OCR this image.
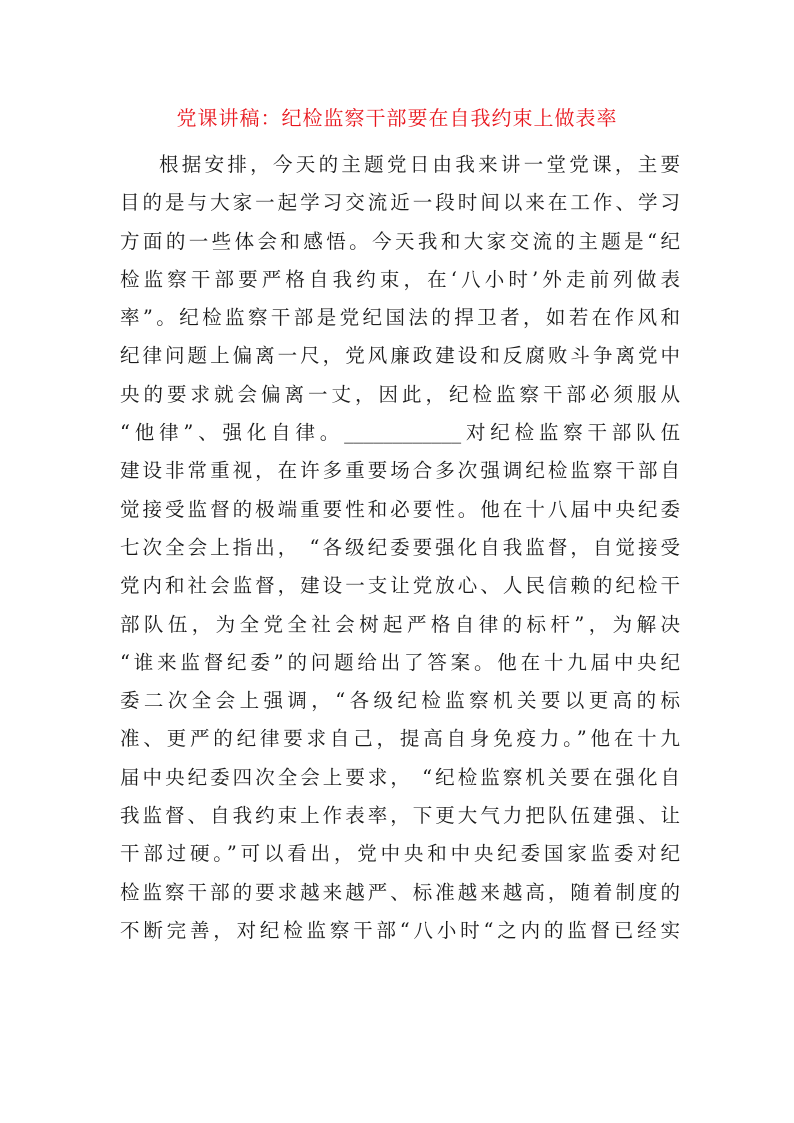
党课讲稿：纪检监察干部要在自我约束上做表率
根据安排，今天的主题党日由我来讲一堂党课，主要
目的是与大家一起学习交流近一段时间以来在工作、学习
方面的一些体会和感悟。今天我和大家交流的主题是“纪
检监察干部要严格自我约束，在‘八小时’外走前列做表
率”。纪检监察干部是党纪国法的捍卫者，如若在作风和
纪律问题上偏离一尺，党风廉政建设和反腐败斗争离党中
央的要求就会偏离一丈，因此，纪检监察干部必须服从
“他律”、强化自律。____________对纪检监察干部队伍
建设非常重视，在许多重要场合多次强调纪检监察干部自
觉接受监督的极端重要性和必要性。他在十八届中央纪委
七次全会上指出， “各级纪委要强化自我监督，自觉接受
党内和社会监督，建设一支让党放心、人民信赖的纪检干
部队伍，为全党全社会树起严格自律的标杆”，为解决
“谁来监督纪委”的问题给出了答案。他在十九届中央纪
委二次全会上强调，“各级纪检监察机关要以更高的标
准、更严的纪律要求自己，提高自身免疫力。”他在十九
届中央纪委四次全会上要求， “纪检监察机关要在强化自
我监督、自我约束上作表率，下更大气力把队伍建强、让
干部过硬。”可以看出，党中央和中央纪委国家监委对纪
检监察干部的要求越来越严、标准越来越高，随着制度的
不断完善，对纪检监察干部“八小时“之内的监督已经实
